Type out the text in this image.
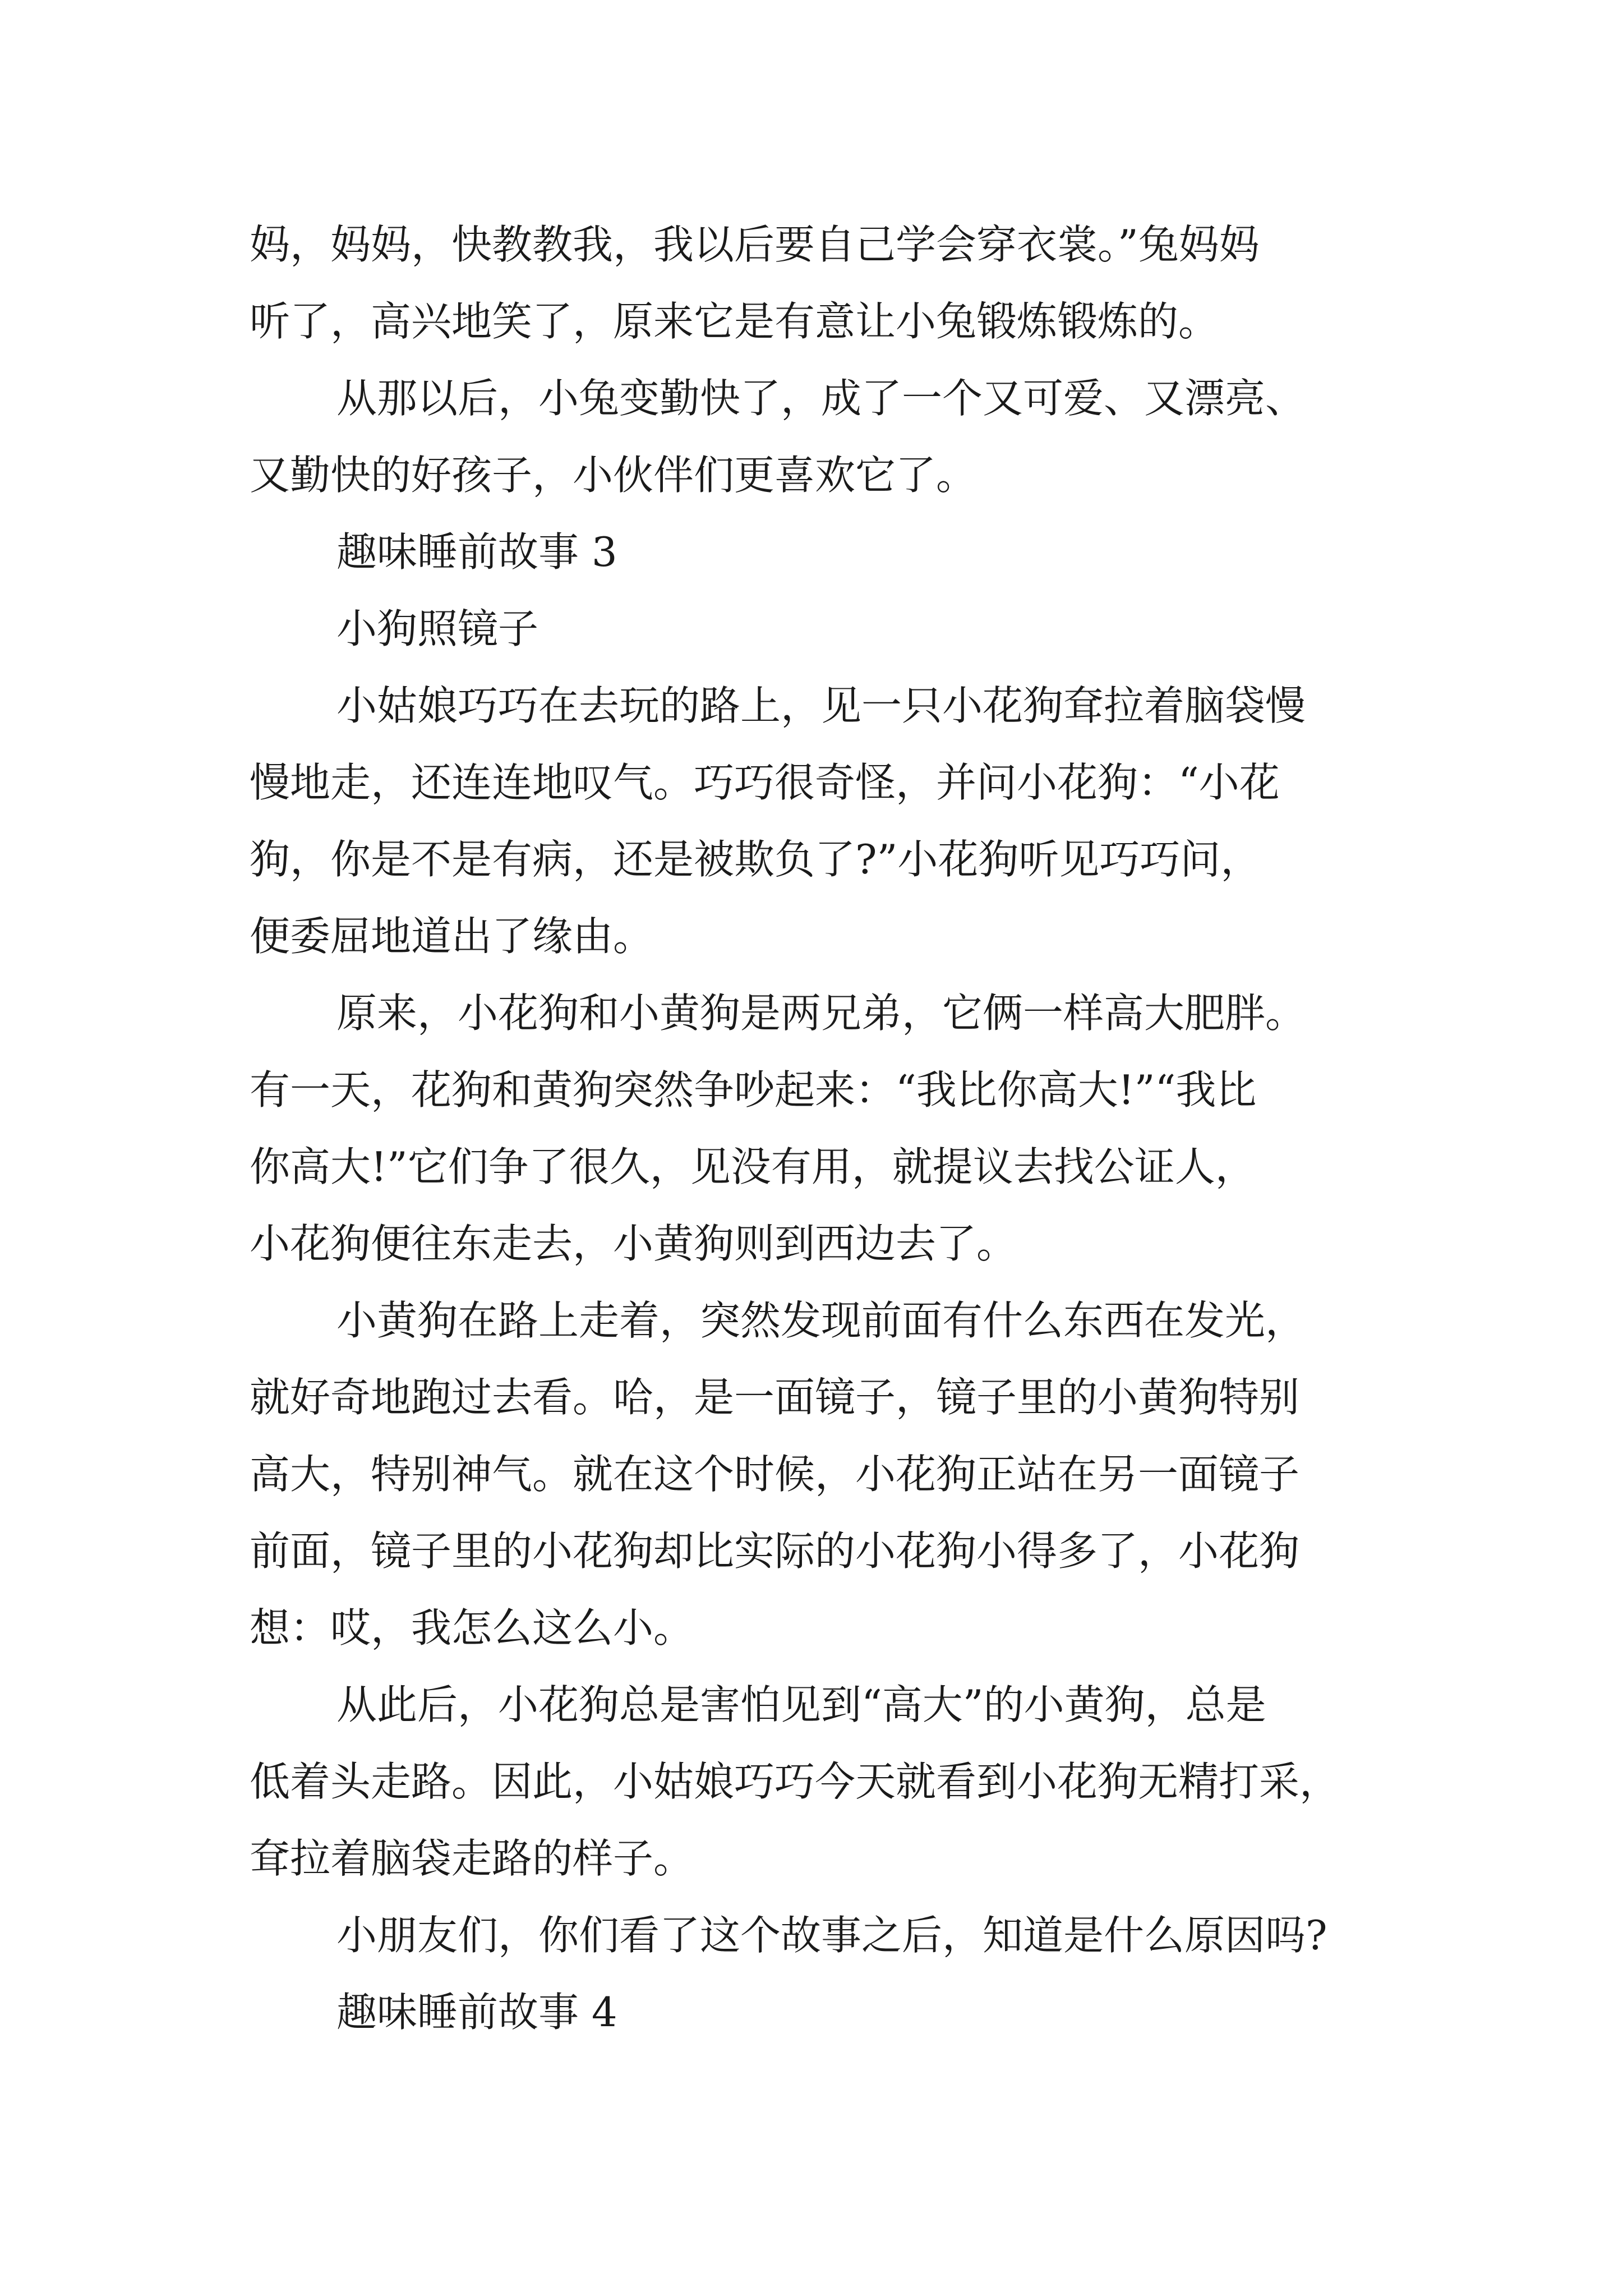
妈，妈妈，快教教我，我以后要自己学会穿衣裳。”兔妈妈

听了，高兴地笑了，原来它是有意让小兔锻炼锻炼的。

从那以后，小兔变勤快了，成了一个又可爱、又漂亮、

又勤快的好孩子，小伙伴们更喜欢它了。

趣味睡前故事 3

小狗照镜子

小姑娘巧巧在去玩的路上，见一只小花狗耷拉着脑袋慢

慢地走，还连连地叹气。巧巧很奇怪，并问小花狗：“小花

狗，你是不是有病，还是被欺负了?”小花狗听见巧巧问，

便委屈地道出了缘由。

原来，小花狗和小黄狗是两兄弟，它俩一样高大肥胖。

有一天，花狗和黄狗突然争吵起来：“我比你高大!”“我比

你高大!”它们争了很久，见没有用，就提议去找公证人，

小花狗便往东走去，小黄狗则到西边去了。

小黄狗在路上走着，突然发现前面有什么东西在发光，

就好奇地跑过去看。哈，是一面镜子，镜子里的小黄狗特别

高大，特别神气。就在这个时候，小花狗正站在另一面镜子

前面，镜子里的小花狗却比实际的小花狗小得多了，小花狗

想：哎，我怎么这么小。

从此后，小花狗总是害怕见到“高大”的小黄狗，总是

低着头走路。因此，小姑娘巧巧今天就看到小花狗无精打采，

耷拉着脑袋走路的样子。

小朋友们，你们看了这个故事之后，知道是什么原因吗?

趣味睡前故事 4
